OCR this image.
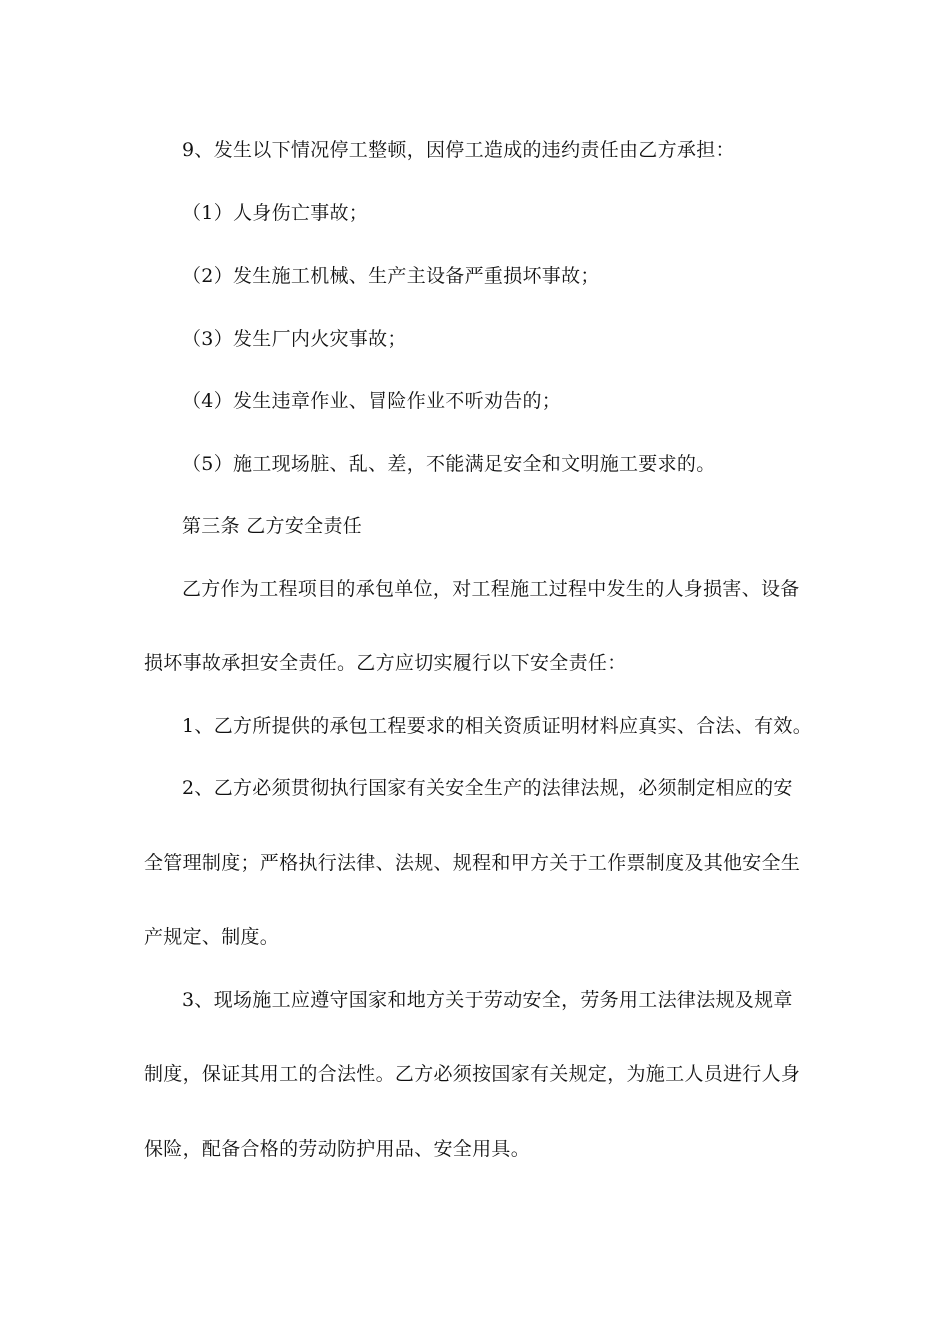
9、发生以下情况停工整顿，因停工造成的违约责任由乙方承担：
（1）人身伤亡事故；
（2）发生施工机械、生产主设备严重损坏事故；
（3）发生厂内火灾事故；
（4）发生违章作业、冒险作业不听劝告的；
（5）施工现场脏、乱、差，不能满足安全和文明施工要求的。
第三条 乙方安全责任
乙方作为工程项目的承包单位，对工程施工过程中发生的人身损害、设备
损坏事故承担安全责任。乙方应切实履行以下安全责任：
1、乙方所提供的承包工程要求的相关资质证明材料应真实、合法、有效。
2、乙方必须贯彻执行国家有关安全生产的法律法规，必须制定相应的安
全管理制度；严格执行法律、法规、规程和甲方关于工作票制度及其他安全生
产规定、制度。
3、现场施工应遵守国家和地方关于劳动安全，劳务用工法律法规及规章
制度，保证其用工的合法性。乙方必须按国家有关规定，为施工人员进行人身
保险，配备合格的劳动防护用品、安全用具。
